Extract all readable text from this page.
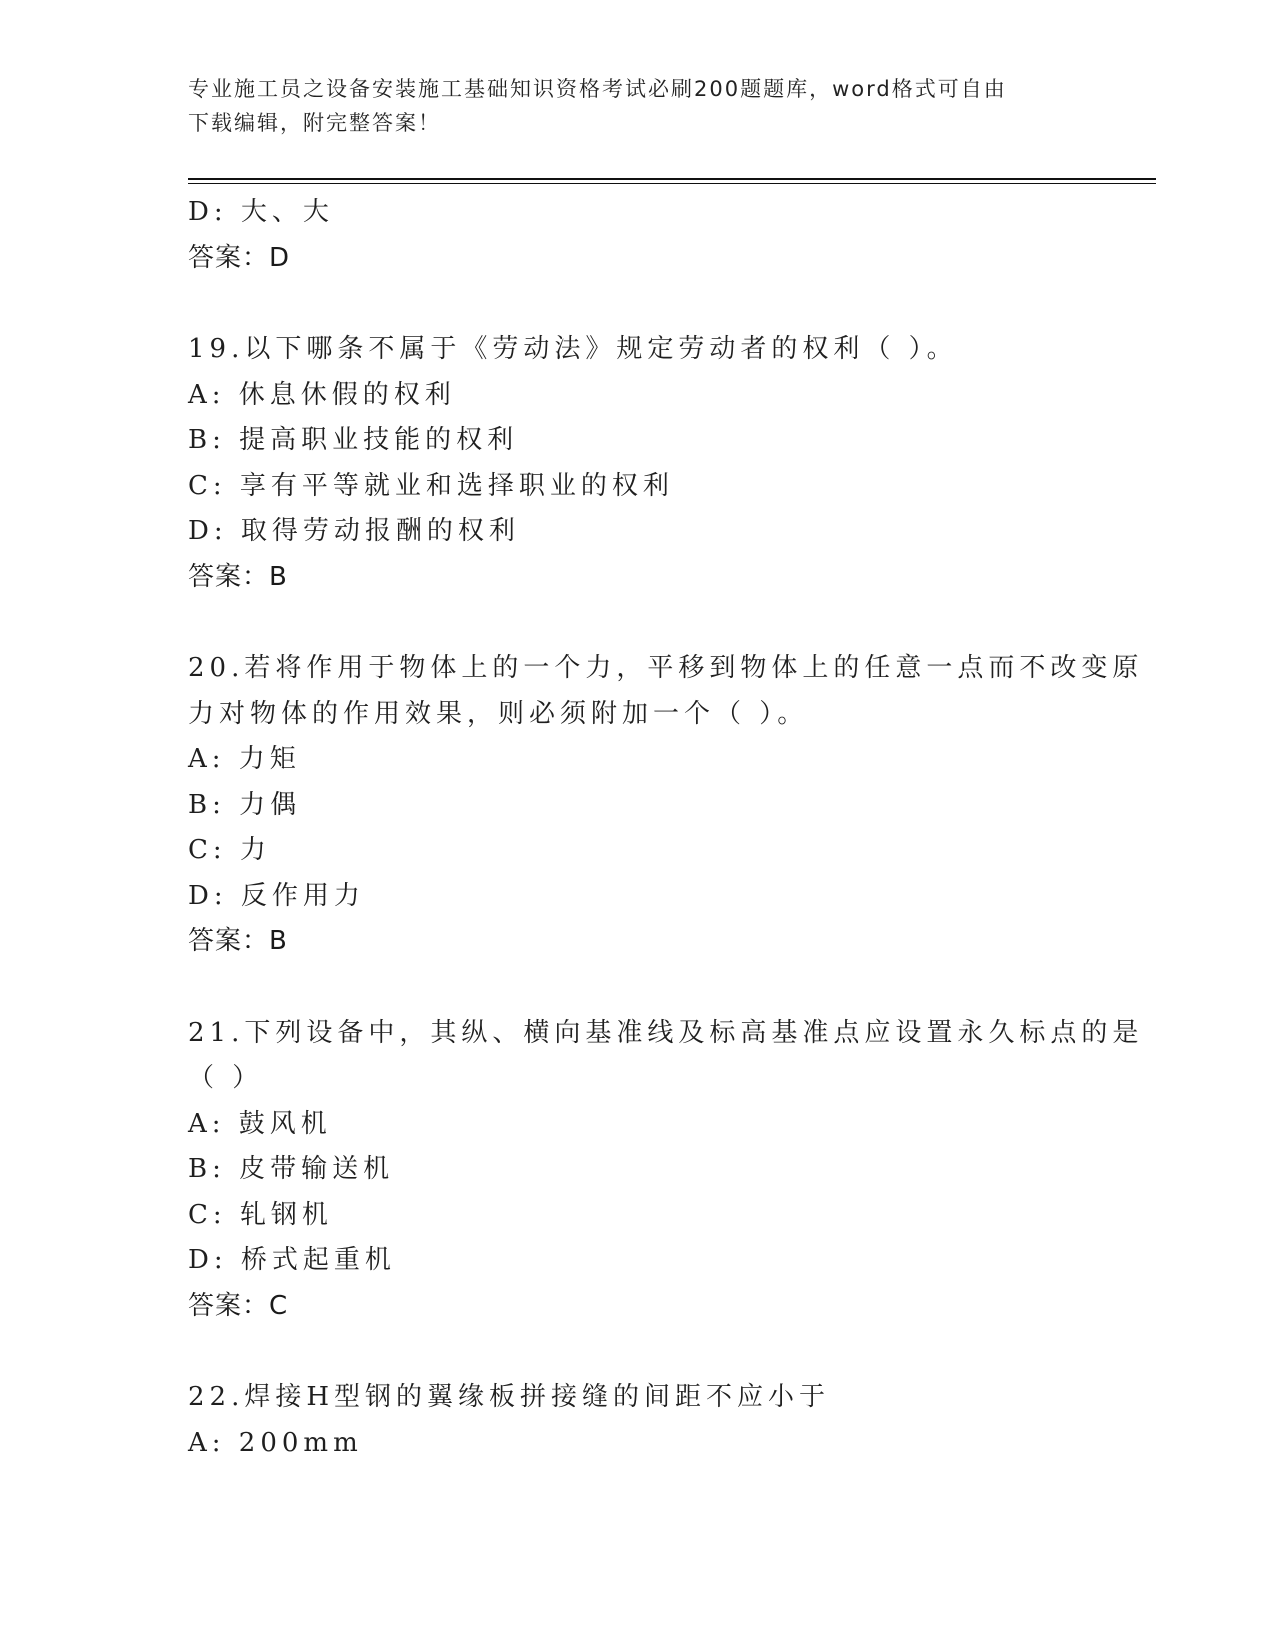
专业施工员之设备安装施工基础知识资格考试必刷200题题库，word格式可自由
下载编辑，附完整答案！
D: 大、大
答案：D
19.以下哪条不属于《劳动法》规定劳动者的权利（ ）。
A: 休息休假的权利
B: 提高职业技能的权利
C: 享有平等就业和选择职业的权利
D: 取得劳动报酬的权利
答案：B
20.若将作用于物体上的一个力，平移到物体上的任意一点而不改变原
力对物体的作用效果，则必须附加一个（ ）。
A: 力矩
B: 力偶
C: 力
D: 反作用力
答案：B
21.下列设备中，其纵、横向基准线及标高基准点应设置永久标点的是
（ ）
A: 鼓风机
B: 皮带输送机
C: 轧钢机
D: 桥式起重机
答案：C
22.焊接H型钢的翼缘板拼接缝的间距不应小于
A: 200mm
